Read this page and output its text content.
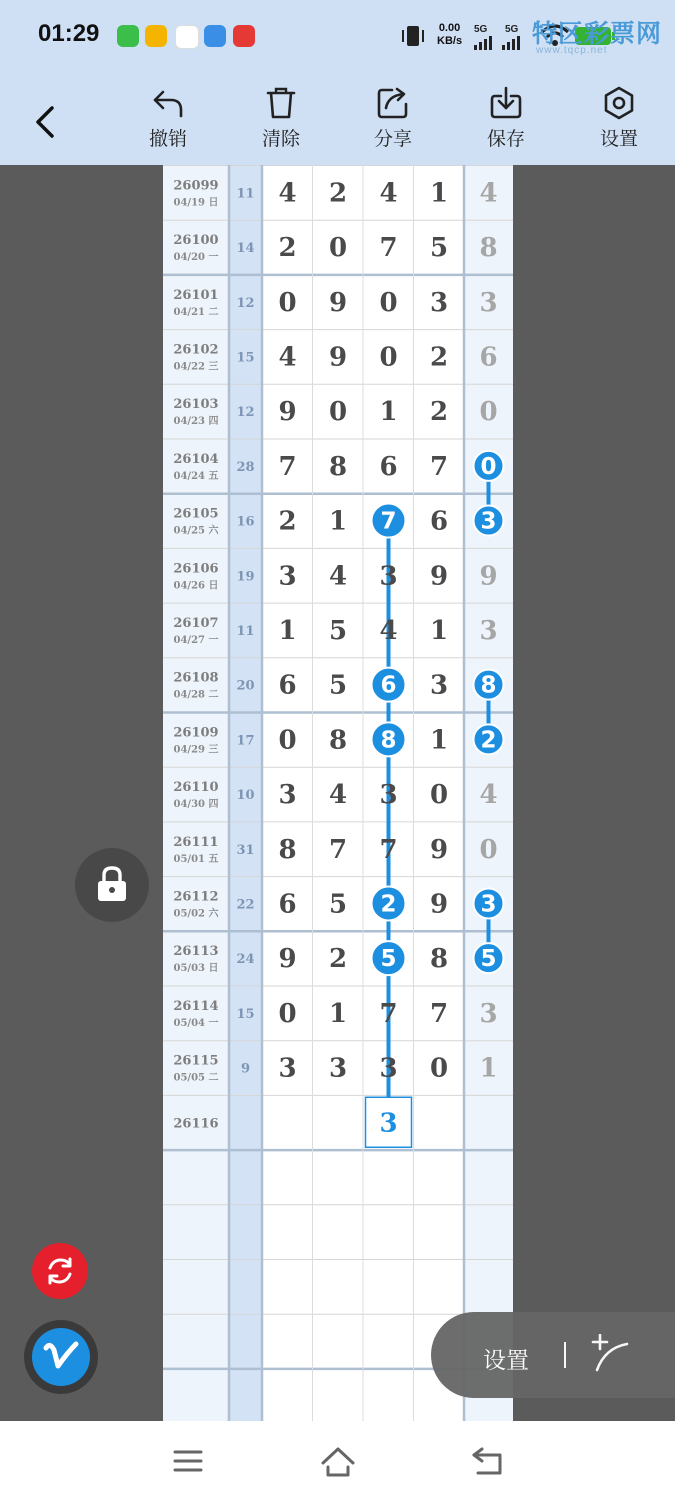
01:29	0.00
KB/s
5G 5G 特区彩票网
www.tqcp.net
撤销	清除	分享	保存	设置
26099
04/19 日
11 4 2 4 1 4
26100
04/20 一
14 2 0 7 5 8
26101
04/21 二
12 0 9 0 3 3
26102
04/22 三
15 4 9 0 2 6
26103
04/23 四
12 9 0 1 2 0
26104
04/24 五
28 7 8 6 7 0
26105
04/25 六
16 2 1 7 6 3
26106
04/26 日
19 3 4 3 9 9
26107
04/27 一
11 1 5 4 1 3
26108
04/28 二
20 6 5 6 3 8
26109
04/29 三
17 0 8 8 1 2
26110
04/30 四
10 3 4 3 0 4
26111
05/01 五
31 8 7 7 9 0
26112
05/02 六
22 6 5 2 9 3
26113
05/03 日
24 9 2 5 8 5
26114
05/04 一
15 0 1 7 7 3
26115
05/05 二
9 3 3 3 0 1
26116	3
设置
